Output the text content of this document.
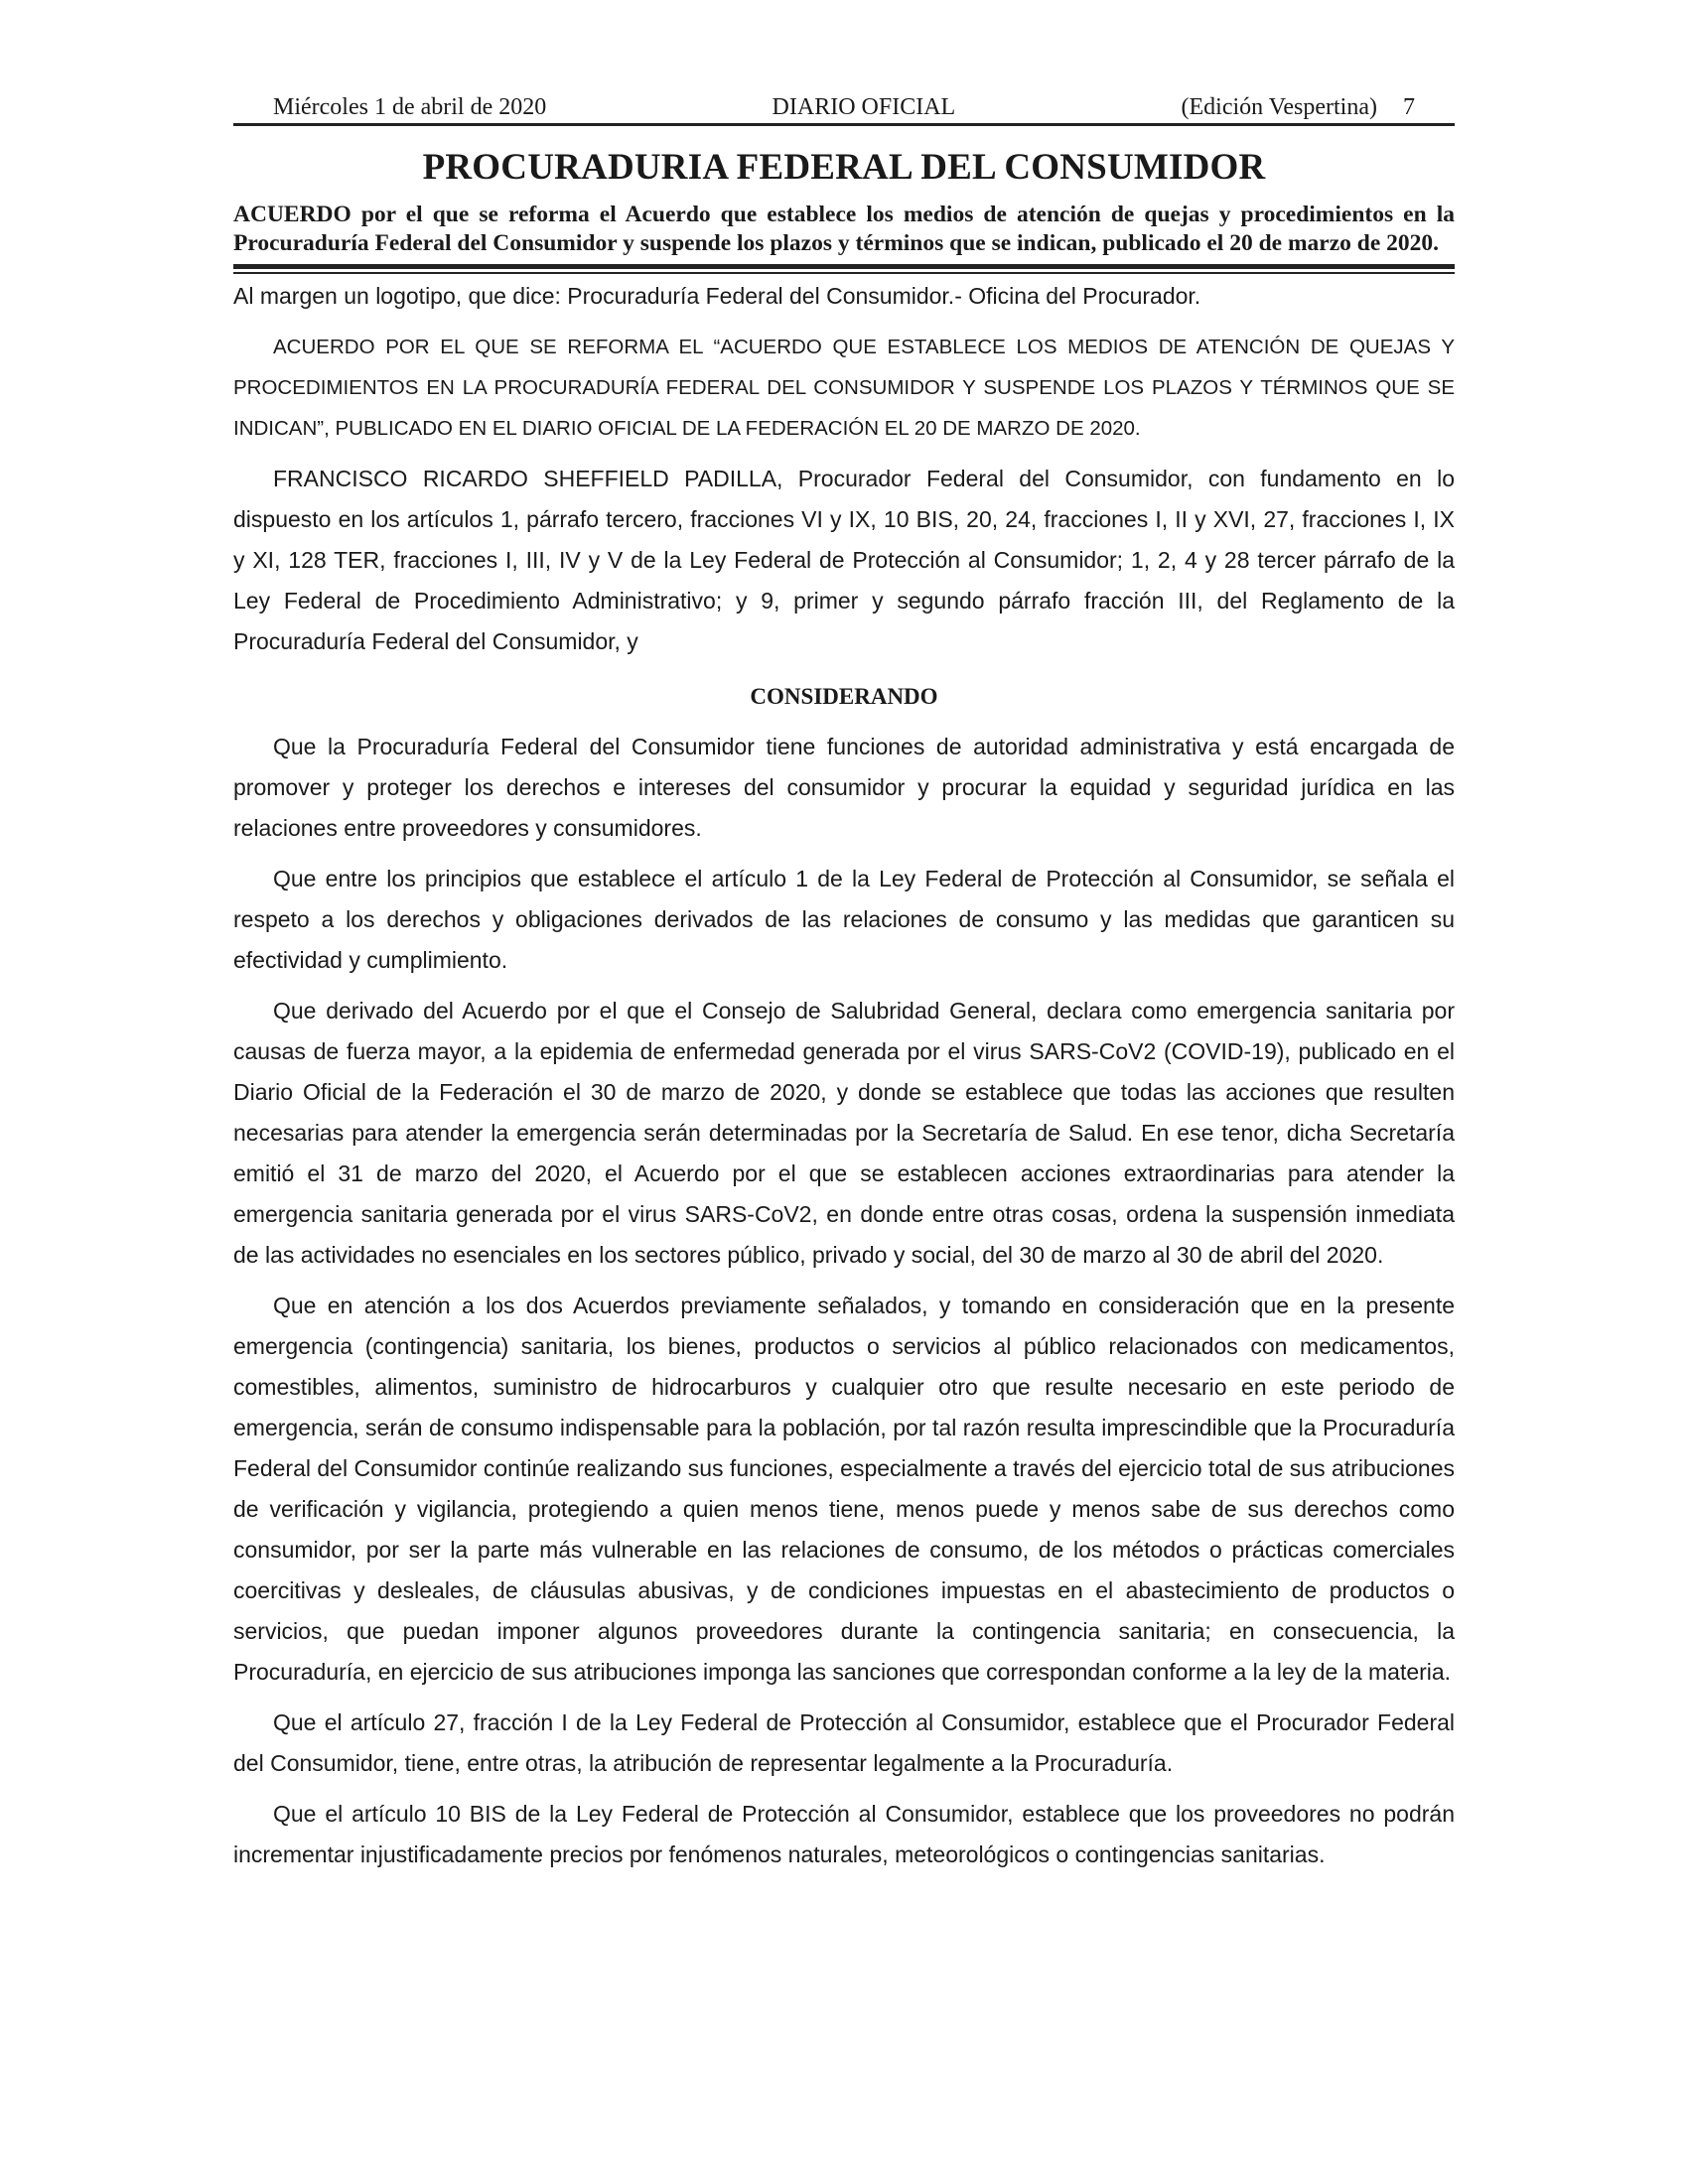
Miércoles 1 de abril de 2020	DIARIO OFICIAL	(Edición Vespertina) 7
PROCURADURIA FEDERAL DEL CONSUMIDOR
ACUERDO por el que se reforma el Acuerdo que establece los medios de atención de quejas y procedimientos en la Procuraduría Federal del Consumidor y suspende los plazos y términos que se indican, publicado el 20 de marzo de 2020.
Al margen un logotipo, que dice: Procuraduría Federal del Consumidor.- Oficina del Procurador.
ACUERDO POR EL QUE SE REFORMA EL “ACUERDO QUE ESTABLECE LOS MEDIOS DE ATENCIÓN DE QUEJAS Y PROCEDIMIENTOS EN LA PROCURADURÍA FEDERAL DEL CONSUMIDOR Y SUSPENDE LOS PLAZOS Y TÉRMINOS QUE SE INDICAN”, PUBLICADO EN EL DIARIO OFICIAL DE LA FEDERACIÓN EL 20 DE MARZO DE 2020.
FRANCISCO RICARDO SHEFFIELD PADILLA, Procurador Federal del Consumidor, con fundamento en lo dispuesto en los artículos 1, párrafo tercero, fracciones VI y IX, 10 BIS, 20, 24, fracciones I, II y XVI, 27, fracciones I, IX y XI, 128 TER, fracciones I, III, IV y V de la Ley Federal de Protección al Consumidor; 1, 2, 4 y 28 tercer párrafo de la Ley Federal de Procedimiento Administrativo; y 9, primer y segundo párrafo fracción III, del Reglamento de la Procuraduría Federal del Consumidor, y
CONSIDERANDO
Que la Procuraduría Federal del Consumidor tiene funciones de autoridad administrativa y está encargada de promover y proteger los derechos e intereses del consumidor y procurar la equidad y seguridad jurídica en las relaciones entre proveedores y consumidores.
Que entre los principios que establece el artículo 1 de la Ley Federal de Protección al Consumidor, se señala el respeto a los derechos y obligaciones derivados de las relaciones de consumo y las medidas que garanticen su efectividad y cumplimiento.
Que derivado del Acuerdo por el que el Consejo de Salubridad General, declara como emergencia sanitaria por causas de fuerza mayor, a la epidemia de enfermedad generada por el virus SARS-CoV2 (COVID-19), publicado en el Diario Oficial de la Federación el 30 de marzo de 2020, y donde se establece que todas las acciones que resulten necesarias para atender la emergencia serán determinadas por la Secretaría de Salud. En ese tenor, dicha Secretaría emitió el 31 de marzo del 2020, el Acuerdo por el que se establecen acciones extraordinarias para atender la emergencia sanitaria generada por el virus SARS-CoV2, en donde entre otras cosas, ordena la suspensión inmediata de las actividades no esenciales en los sectores público, privado y social, del 30 de marzo al 30 de abril del 2020.
Que en atención a los dos Acuerdos previamente señalados, y tomando en consideración que en la presente emergencia (contingencia) sanitaria, los bienes, productos o servicios al público relacionados con medicamentos, comestibles, alimentos, suministro de hidrocarburos y cualquier otro que resulte necesario en este periodo de emergencia, serán de consumo indispensable para la población, por tal razón resulta imprescindible que la Procuraduría Federal del Consumidor continúe realizando sus funciones, especialmente a través del ejercicio total de sus atribuciones de verificación y vigilancia, protegiendo a quien menos tiene, menos puede y menos sabe de sus derechos como consumidor, por ser la parte más vulnerable en las relaciones de consumo, de los métodos o prácticas comerciales coercitivas y desleales, de cláusulas abusivas, y de condiciones impuestas en el abastecimiento de productos o servicios, que puedan imponer algunos proveedores durante la contingencia sanitaria; en consecuencia, la Procuraduría, en ejercicio de sus atribuciones imponga las sanciones que correspondan conforme a la ley de la materia.
Que el artículo 27, fracción I de la Ley Federal de Protección al Consumidor, establece que el Procurador Federal del Consumidor, tiene, entre otras, la atribución de representar legalmente a la Procuraduría.
Que el artículo 10 BIS de la Ley Federal de Protección al Consumidor, establece que los proveedores no podrán incrementar injustificadamente precios por fenómenos naturales, meteorológicos o contingencias sanitarias.
